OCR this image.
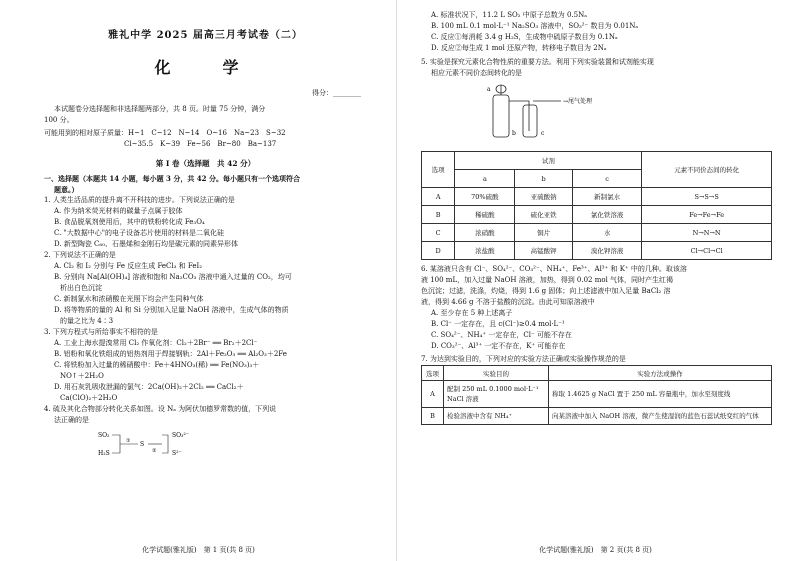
雅礼中学 2025 届高三月考试卷（二）
化　学
得分：________
本试题卷分选择题和非选择题两部分，共 8 页。时量 75 分钟，满分
100 分。
可能用到的相对原子质量：H~1　C~12　N~14　O~16　Na~23　S~32
Cl~35.5　K~39　Fe~56　Br~80　Ba~137
第 Ⅰ 卷（选择题　共 42 分）
一、选择题（本题共 14 小题，每小题 3 分，共 42 分。每小题只有一个选项符合
题意。）
1. 人类生活品质的提升离不开科技的进步。下列说法正确的是
A. 作为纳米荧光材料的碳量子点属于胶体
B. 食品脱氧剂使用后，其中的铁粉转化成 Fe₃O₄
C. "大数据中心"的电子设备芯片使用的材料是二氧化硅
D. 新型陶瓷 C₆₀、石墨烯和金刚石均是碳元素的同素异形体
2. 下列说法不正确的是
A. Cl₂ 和 I₂ 分别与 Fe 反应生成 FeCl₃ 和 FeI₂
B. 分别向 Na[Al(OH)₄] 溶液和饱和 Na₂CO₃ 溶液中通入过量的 CO₂，均可
析出白色沉淀
C. 新制氯水和浓硝酸在光照下均会产生同种气体
D. 将等物质的量的 Al 和 Si 分别加入足量 NaOH 溶液中，生成气体的物质
的量之比为 4∶3
3. 下列方程式与所给事实不相符的是
A. 工业上海水提溴常用 Cl₂ 作氧化剂：Cl₂＋2Br⁻ ══ Br₂＋2Cl⁻
B. 铝粉和氧化铁组成的铝热剂用于焊接钢轨：2Al＋Fe₂O₃ ══ Al₂O₃＋2Fe
C. 将铁粉加入过量的稀硝酸中：Fe＋4HNO₃(稀) ══ Fe(NO₃)₃＋
NO↑＋2H₂O
D. 用石灰乳吸收泄漏的氯气：2Ca(OH)₂＋2Cl₂ ══ CaCl₂＋
Ca(ClO)₂＋2H₂O
4. 硫及其化合物部分转化关系如图。设 Nₐ 为阿伏加德罗常数的值，下列说
法正确的是
SO₂
H₂S
① S
②
SO₃²⁻
S²⁻
化学试题(雅礼版)　第 1 页(共 8 页)
A. 标准状况下，11.2 L SO₂ 中原子总数为 0.5Nₐ
B. 100 mL 0.1 mol·L⁻¹ Na₂SO₃ 溶液中，SO₃²⁻ 数目为 0.01Nₐ
C. 反应①每消耗 3.4 g H₂S，生成物中硫原子数目为 0.1Nₐ
D. 反应②每生成 1 mol 还原产物，转移电子数目为 2Nₐ
5. 实验是探究元素化合物性质的重要方法。利用下列实验装置和试剂能实现
相应元素不同价态间转化的是
a
b	c
→尾气处理
选项	试剂			元素不同价态间的转化
	a	b	c	
A	70%硫酸	亚硫酸钠	新制氯水	S→S→S
B	稀硫酸	硫化亚铁	氯化铁溶液	Fe→Fe→Fe
C	浓硝酸	铜片	水	N→N→N
D	浓盐酸	高锰酸钾	溴化钾溶液	Cl→Cl→Cl
6. 某溶液只含有 Cl⁻、SO₄²⁻、CO₃²⁻、NH₄⁺、Fe³⁺、Al³⁺ 和 K⁺ 中的几种。取该溶
液 100 mL，加入过量 NaOH 溶液，加热，得到 0.02 mol 气体，同时产生红褐
色沉淀；过滤，洗涤，灼烧，得到 1.6 g 固体；向上述滤液中加入足量 BaCl₂ 溶
液，得到 4.66 g 不溶于盐酸的沉淀。由此可知原溶液中
A. 至少存在 5 种上述离子
B. Cl⁻ 一定存在，且 c(Cl⁻)≥0.4 mol·L⁻¹
C. SO₄²⁻、NH₄⁺ 一定存在，Cl⁻ 可能不存在
D. CO₃²⁻、Al³⁺ 一定不存在，K⁺ 可能存在
7. 为达到实验目的，下列对应的实验方法正确或实验操作规范的是
选项	实验目的	实验方法或操作
A	配制 250 mL 0.1000 mol·L⁻¹ NaCl 溶液	称取 1.4625 g NaCl 置于 250 mL 容量瓶中，加水至刻度线
B	检验溶液中含有 NH₄⁺	向某溶液中加入 NaOH 溶液，微产生使湿润的蓝色石蕊试纸变红的气体
化学试题(雅礼版)　第 2 页(共 8 页)
